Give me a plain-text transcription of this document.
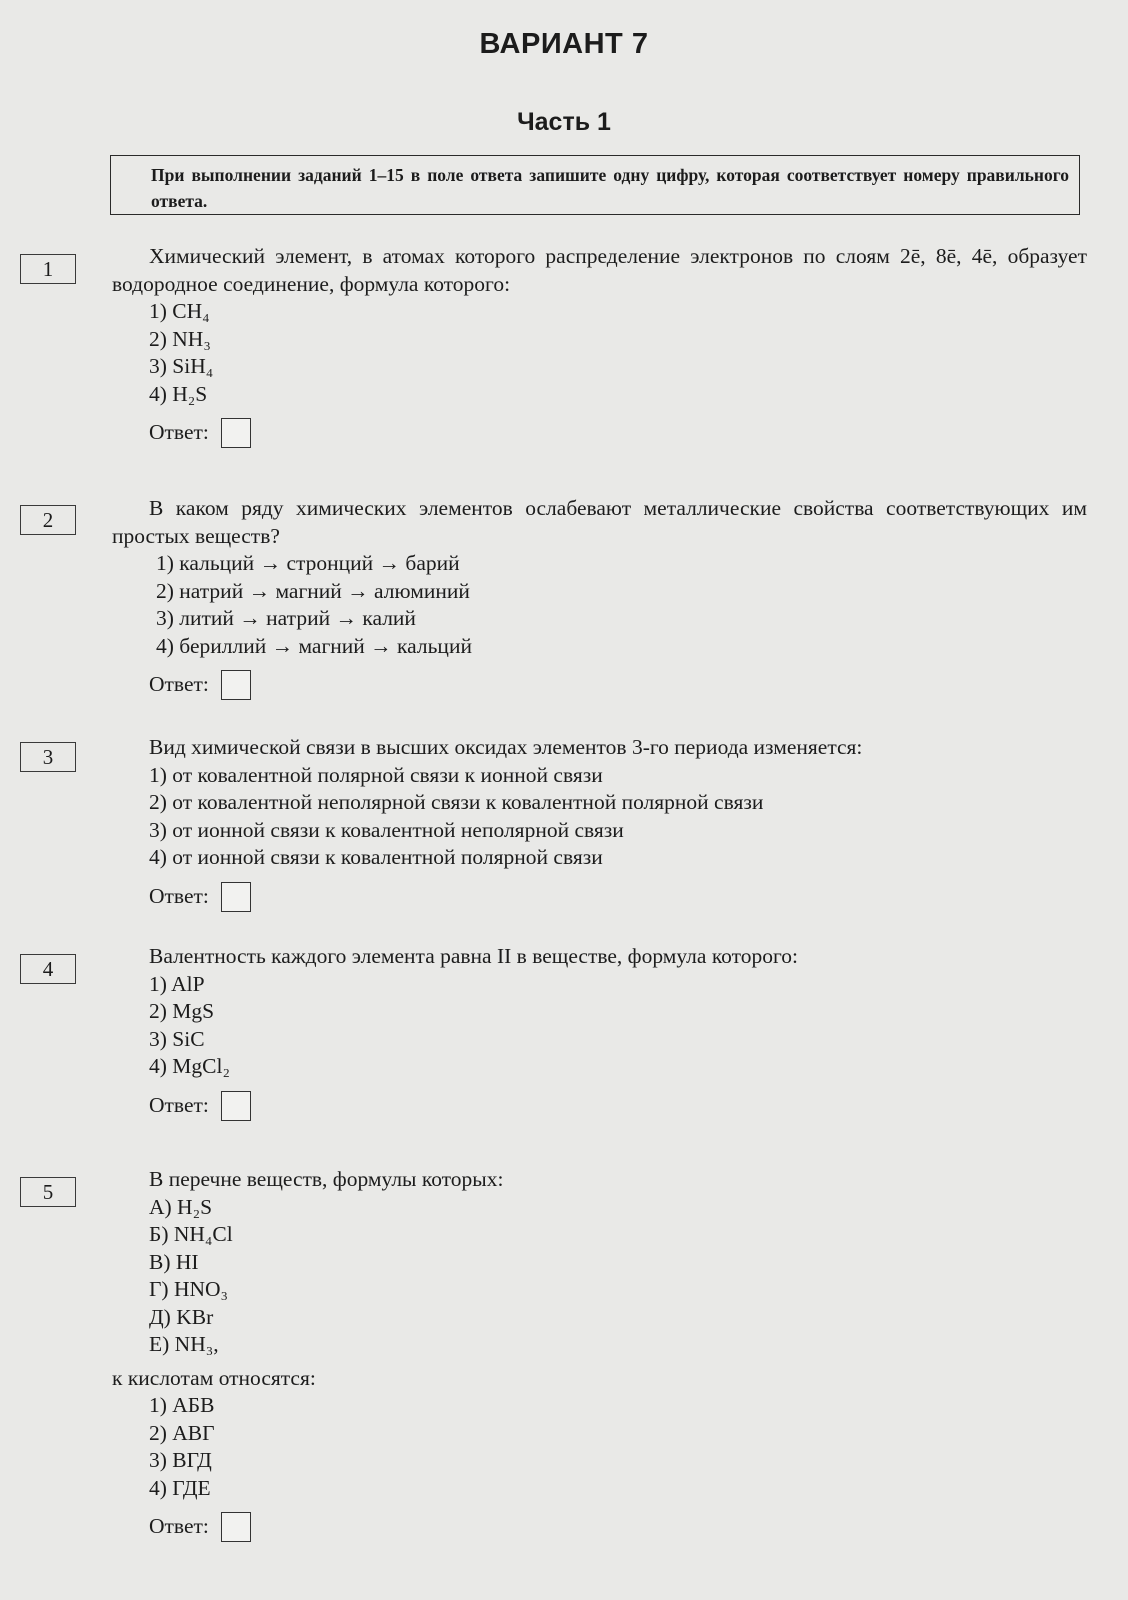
ВАРИАНТ 7
Часть 1
При выполнении заданий 1–15 в поле ответа запишите одну цифру, которая соответствует номеру правильного ответа.
1
Химический элемент, в атомах которого распределение электронов по слоям 2ē, 8ē, 4ē, образует водородное соединение, формула которого:
1) CH₄
2) NH₃
3) SiH₄
4) H₂S
Ответ:
2	В каком ряду химических элементов ослабевают металлические свойства соответствующих им простых веществ?
1) кальций → стронций → барий
2) натрий → магний → алюминий
3) литий → натрий → калий
4) бериллий → магний → кальций
Ответ:
3	Вид химической связи в высших оксидах элементов 3-го периода изменяется:
1) от ковалентной полярной связи к ионной связи
2) от ковалентной неполярной связи к ковалентной полярной связи
3) от ионной связи к ковалентной неполярной связи
4) от ионной связи к ковалентной полярной связи
Ответ:
4
Валентность каждого элемента равна II в веществе, формула которого:
1) AlP
2) MgS
3) SiC
4) MgCl₂
Ответ:
5
В перечне веществ, формулы которых:
А) H₂S
Б) NH₄Cl
В) HI
Г) HNO₃
Д) KBr
Е) NH₃,
к кислотам относятся:
1) АБВ
2) АВГ
3) ВГД
4) ГДЕ
Ответ:
